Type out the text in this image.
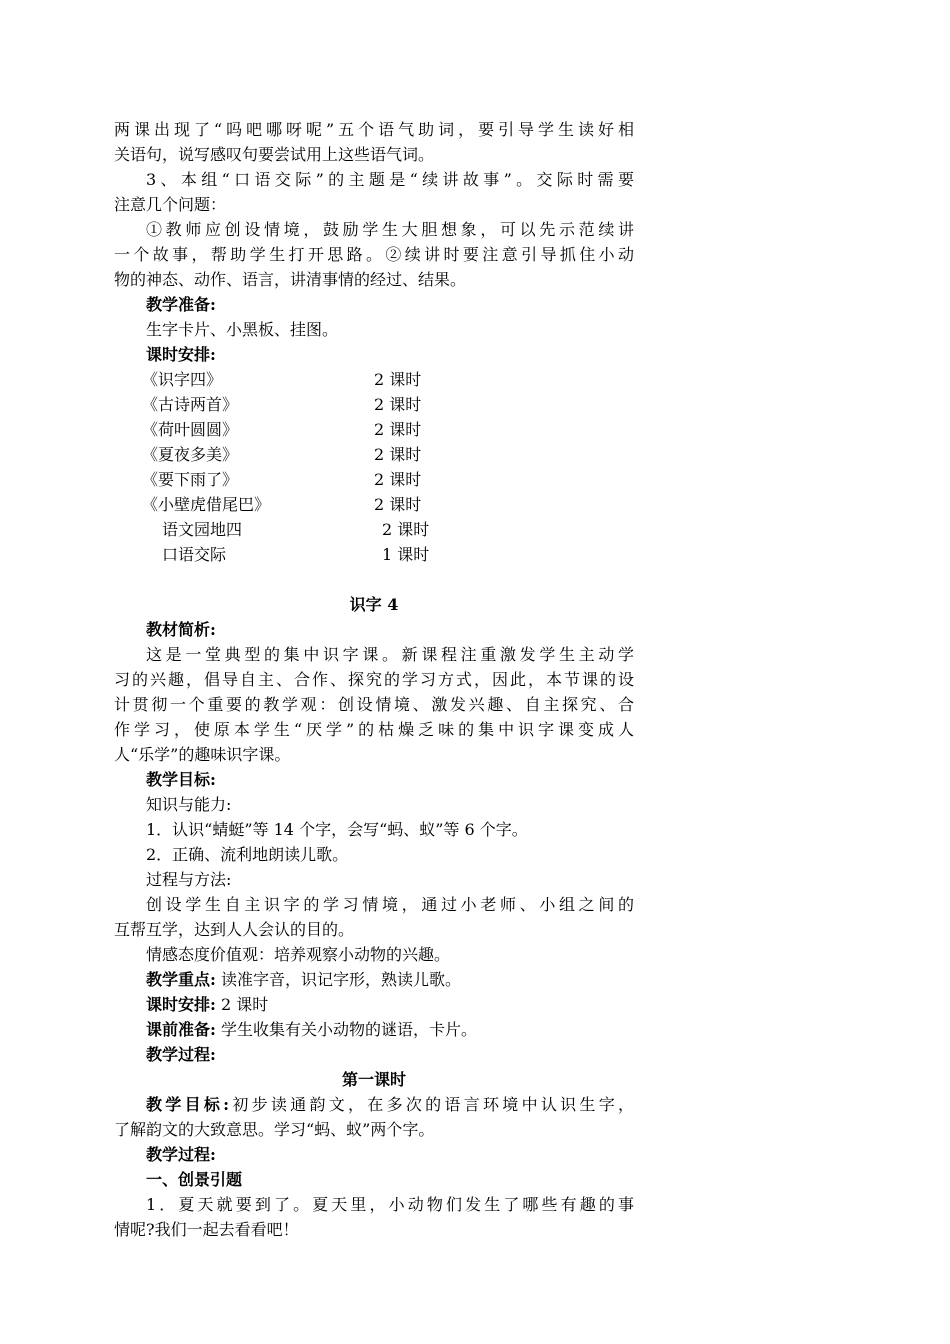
两课出现了“吗吧哪呀呢”五个语气助词，要引导学生读好相
关语句，说写感叹句要尝试用上这些语气词。
3、本组“口语交际”的主题是“续讲故事”。交际时需要
注意几个问题：
①教师应创设情境，鼓励学生大胆想象，可以先示范续讲
一个故事，帮助学生打开思路。②续讲时要注意引导抓住小动
物的神态、动作、语言，讲清事情的经过、结果。
教学准备:
生字卡片、小黑板、挂图。
课时安排:
《识字四》	2 课时
《古诗两首》	2 课时
《荷叶圆圆》	2 课时
《夏夜多美》	2 课时
《要下雨了》	2 课时
《小壁虎借尾巴》	2 课时
语文园地四	2 课时
口语交际	1 课时
识字 4
教材简析:
这是一堂典型的集中识字课。新课程注重激发学生主动学
习的兴趣，倡导自主、合作、探究的学习方式，因此，本节课的设
计贯彻一个重要的教学观：创设情境、激发兴趣、自主探究、合
作学习，使原本学生“厌学”的枯燥乏味的集中识字课变成人
人“乐学”的趣味识字课。
教学目标:
知识与能力:
1．认识“蜻蜓”等 14 个字，会写“蚂、蚁”等 6 个字。
2．正确、流利地朗读儿歌。
过程与方法:
创设学生自主识字的学习情境，通过小老师、小组之间的
互帮互学，达到人人会认的目的。
情感态度价值观：培养观察小动物的兴趣。
教学重点: 读准字音，识记字形，熟读儿歌。
课时安排: 2 课时
课前准备: 学生收集有关小动物的谜语，卡片。
教学过程:
第一课时
教学目标:初步读通韵文，在多次的语言环境中认识生字，
了解韵文的大致意思。学习“蚂、蚁”两个字。
教学过程:
一、创景引题
1．夏天就要到了。夏天里，小动物们发生了哪些有趣的事
情呢?我们一起去看看吧！
